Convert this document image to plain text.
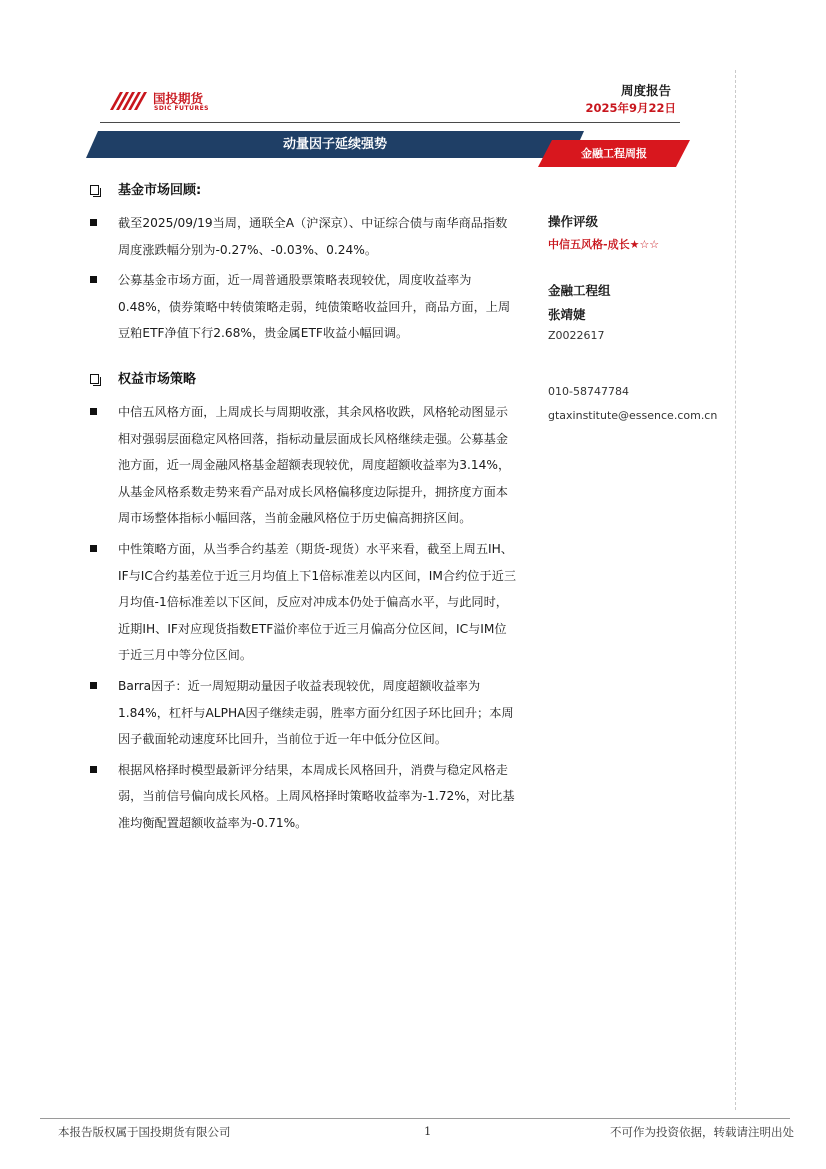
国投期货
SDIC FUTURES
周度报告
2025年9月22日
动量因子延续强势
金融工程周报
基金市场回顾:
截至2025/09/19当周，通联全A（沪深京）、中证综合债与南华商品指数周度涨跌幅分别为-0.27%、-0.03%、0.24%。
公募基金市场方面，近一周普通股票策略表现较优，周度收益率为0.48%，债券策略中转债策略走弱，纯债策略收益回升，商品方面，上周豆粕ETF净值下行2.68%，贵金属ETF收益小幅回调。
权益市场策略
中信五风格方面，上周成长与周期收涨，其余风格收跌，风格轮动图显示相对强弱层面稳定风格回落，指标动量层面成长风格继续走强。公募基金池方面，近一周金融风格基金超额表现较优，周度超额收益率为3.14%，从基金风格系数走势来看产品对成长风格偏移度边际提升，拥挤度方面本周市场整体指标小幅回落，当前金融风格位于历史偏高拥挤区间。
中性策略方面，从当季合约基差（期货-现货）水平来看，截至上周五IH、IF与IC合约基差位于近三月均值上下1倍标准差以内区间，IM合约位于近三月均值-1倍标准差以下区间，反应对冲成本仍处于偏高水平，与此同时，近期IH、IF对应现货指数ETF溢价率位于近三月偏高分位区间，IC与IM位于近三月中等分位区间。
Barra因子：近一周短期动量因子收益表现较优，周度超额收益率为1.84%，杠杆与ALPHA因子继续走弱，胜率方面分红因子环比回升；本周因子截面轮动速度环比回升，当前位于近一年中低分位区间。
根据风格择时模型最新评分结果，本周成长风格回升，消费与稳定风格走弱，当前信号偏向成长风格。上周风格择时策略收益率为-1.72%，对比基准均衡配置超额收益率为-0.71%。
操作评级
中信五风格-成长★☆☆
金融工程组
张靖婕
Z0022617
010-58747784
gtaxinstitute@essence.com.cn
本报告版权属于国投期货有限公司	1	不可作为投资依据，转载请注明出处
